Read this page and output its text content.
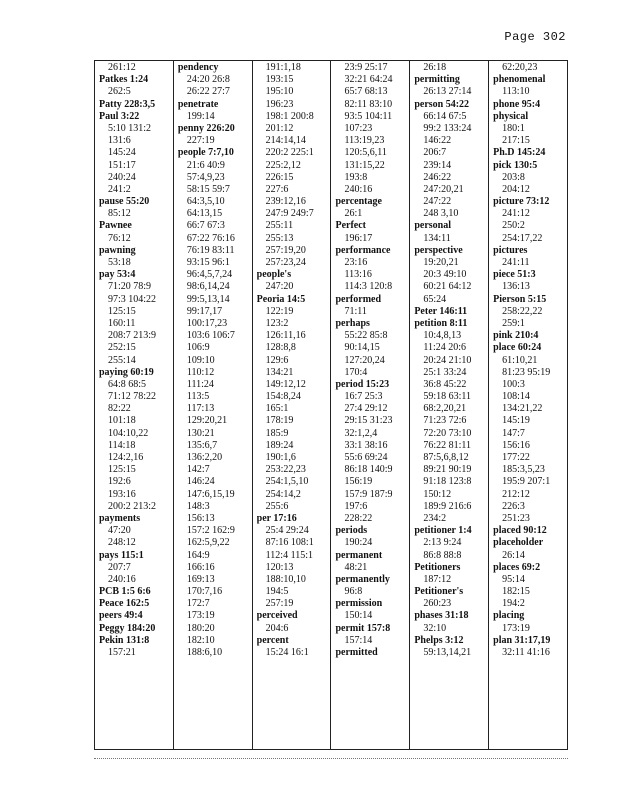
Page 302
261:12
Patkes 1:24
262:5
Patty 228:3,5
Paul 3:22
5:10 131:2
131:6
145:24
151:17
240:24
241:2
pause 55:20
85:12
Pawnee
76:12
pawning
53:18
pay 53:4
71:20 78:9
97:3 104:22
125:15
160:11
208:7 213:9
252:15
255:14
paying 60:19
64:8 68:5
71:12 78:22
82:22
101:18
104:10,22
114:18
124:2,16
125:15
192:6
193:16
200:2 213:2
payments
47:20
248:12
pays 115:1
207:7
240:16
PCB 1:5 6:6
Peace 162:5
peers 49:4
Peggy 184:20
Pekin 131:8
157:21
pendency
24:20 26:8
26:22 27:7
penetrate
199:14
penny 226:20
227:19
people 7:7,10
21:6 40:9
57:4,9,23
58:15 59:7
64:3,5,10
64:13,15
66:7 67:3
67:22 76:16
76:19 83:11
93:15 96:1
96:4,5,7,24
98:6,14,24
99:5,13,14
99:17,17
100:17,23
103:6 106:7
106:9
109:10
110:12
111:24
113:5
117:13
129:20,21
130:21
135:6,7
136:2,20
142:7
146:24
147:6,15,19
148:3
156:13
157:2 162:9
162:5,9,22
164:9
166:16
169:13
170:7,16
172:7
173:19
180:20
182:10
188:6,10
191:1,18
193:15
195:10
196:23
198:1 200:8
201:12
214:14,14
220:2 225:1
225:2,12
226:15
227:6
239:12,16
247:9 249:7
255:11
255:13
257:19,20
257:23,24
people's
247:20
Peoria 14:5
122:19
123:2
126:11,16
128:8,8
129:6
134:21
149:12,12
154:8,24
165:1
178:19
185:9
189:24
190:1,6
253:22,23
254:1,5,10
254:14,2
255:6
per 17:16
25:4 29:24
87:16 108:1
112:4 115:1
120:13
188:10,10
194:5
257:19
perceived
204:6
percent
15:24 16:1
23:9 25:17
32:21 64:24
65:7 68:13
82:11 83:10
93:5 104:11
107:23
113:19,23
120:5,6,11
131:15,22
193:8
240:16
percentage
26:1
Perfect
196:17
performance
23:16
113:16
114:3 120:8
performed
71:11
perhaps
55:22 85:8
90:14,15
127:20,24
170:4
period 15:23
16:7 25:3
27:4 29:12
29:15 31:23
32:1,2,4
33:1 38:16
55:6 69:24
86:18 140:9
156:19
157:9 187:9
197:6
228:22
periods
190:24
permanent
48:21
permanently
96:8
permission
150:14
permit 157:8
157:14
permitted
26:18
permitting
26:13 27:14
person 54:22
66:14 67:5
99:2 133:24
146:22
206:7
239:14
246:22
247:20,21
247:22
248 3,10
personal
134:11
perspective
19:20,21
20:3 49:10
60:21 64:12
65:24
Peter 146:11
petition 8:11
10:4,8,13
11:24 20:6
20:24 21:10
25:1 33:24
36:8 45:22
59:18 63:11
68:2,20,21
71:23 72:6
72:20 73:10
76:22 81:11
87:5,6,8,12
89:21 90:19
91:18 123:8
150:12
189:9 216:6
234:2
petitioner 1:4
2:13 9:24
86:8 88:8
Petitioners
187:12
Petitioner's
260:23
phases 31:18
32:10
Phelps 3:12
59:13,14,21
62:20,23
phenomenal
113:10
phone 95:4
physical
180:1
217:15
Ph.D 145:24
pick 130:5
203:8
204:12
picture 73:12
241:12
250:2
254:17,22
pictures
241:11
piece 51:3
136:13
Pierson 5:15
258:22,22
259:1
pink 210:4
place 60:24
61:10,21
81:23 95:19
100:3
108:14
134:21,22
145:19
147:7
156:16
177:22
185:3,5,23
195:9 207:1
212:12
226:3
251:23
placed 90:12
placeholder
26:14
places 69:2
95:14
182:15
194:2
placing
173:19
plan 31:17,19
32:11 41:16
